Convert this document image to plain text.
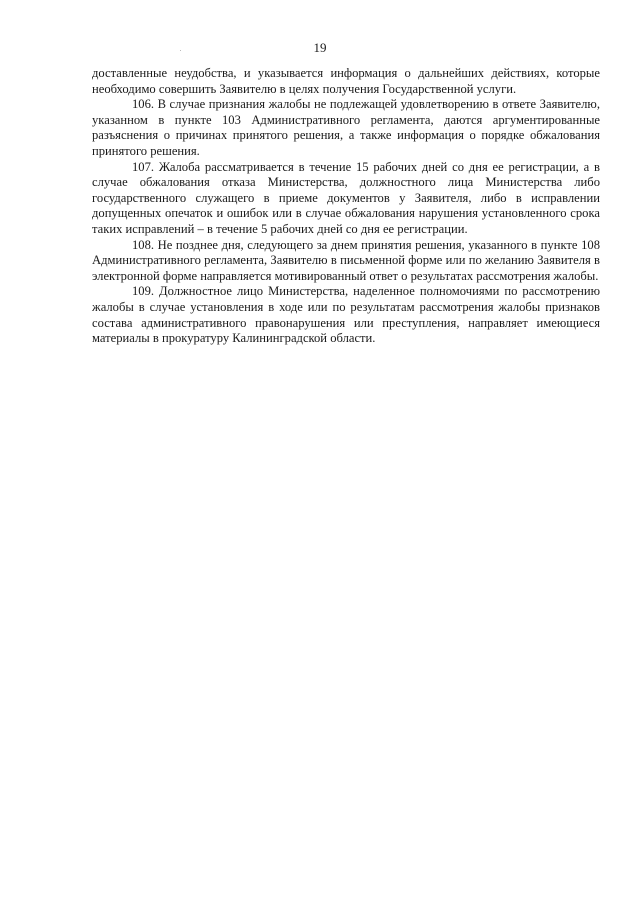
19

доставленные неудобства, и указывается информация о дальнейших действиях, которые необходимо совершить Заявителю в целях получения Государственной услуги.

106. В случае признания жалобы не подлежащей удовлетворению в ответе Заявителю, указанном в пункте 103 Административного регламента, даются аргументированные разъяснения о причинах принятого решения, а также информация о порядке обжалования принятого решения.

107. Жалоба рассматривается в течение 15 рабочих дней со дня ее регистрации, а в случае обжалования отказа Министерства, должностного лица Министерства либо государственного служащего в приеме документов у Заявителя, либо в исправлении допущенных опечаток и ошибок или в случае обжалования нарушения установленного срока таких исправлений – в течение 5 рабочих дней со дня ее регистрации.

108. Не позднее дня, следующего за днем принятия решения, указанного в пункте 108 Административного регламента, Заявителю в письменной форме или по желанию Заявителя в электронной форме направляется мотивированный ответ о результатах рассмотрения жалобы.

109. Должностное лицо Министерства, наделенное полномочиями по рассмотрению жалобы в случае установления в ходе или по результатам рассмотрения жалобы признаков состава административного правонарушения или преступления, направляет имеющиеся материалы в прокуратуру Калининградской области.
